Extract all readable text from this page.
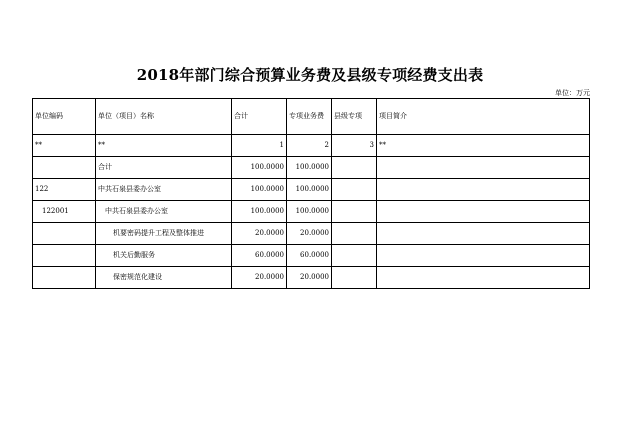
2018年部门综合预算业务费及县级专项经费支出表
单位：万元
单位编码	单位（项目）名称	合计	专项业务费	县级专项	项目简介
**	**	1	2	3	**
	合计	100.0000	100.0000		
122	中共石泉县委办公室	100.0000	100.0000		
122001	中共石泉县委办公室	100.0000	100.0000		
	机要密码提升工程及整体推进	20.0000	20.0000		
	机关后勤服务	60.0000	60.0000		
	保密规范化建设	20.0000	20.0000		
